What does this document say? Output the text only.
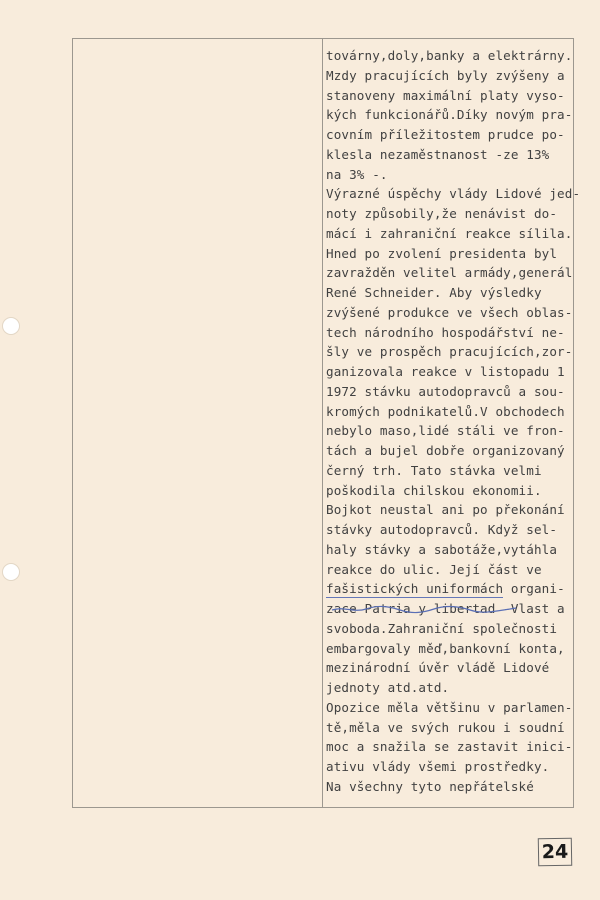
továrny,doly,banky a elektrárny.
Mzdy pracujících byly zvýšeny a
stanoveny maximální platy vyso-
kých funkcionářů.Díky novým pra-
covním příležitostem prudce po-
klesla nezaměstnanost -ze 13%
na 3% -.
Výrazné úspěchy vlády Lidové jed-
noty způsobily,že nenávist do-
mácí i zahraniční reakce sílila.
Hned po zvolení presidenta byl
zavražděn velitel armády,generál
René Schneider. Aby výsledky
zvýšené produkce ve všech oblas-
tech národního hospodářství ne-
šly ve prospěch pracujících,zor-
ganizovala reakce v listopadu 1
1972 stávku autodopravců a sou-
kromých podnikatelů.V obchodech
nebylo maso,lidé stáli ve fron-
tách a bujel dobře organizovaný
černý trh. Tato stávka velmi
poškodila chilskou ekonomii.
Bojkot neustal ani po překonání
stávky autodopravců. Když sel-
haly stávky a sabotáže,vytáhla
reakce do ulic. Její část ve
fašistických uniformách organi-
zace Patria y libertad -Vlast a
svoboda.Zahraniční společnosti
embargovaly měď,bankovní konta,
mezinárodní úvěr vládě Lidové
jednoty atd.atd.
Opozice měla většinu v parlamen-
tě,měla ve svých rukou i soudní
moc a snažila se zastavit inici-
ativu vlády všemi prostředky.
Na všechny tyto nepřátelské
24
